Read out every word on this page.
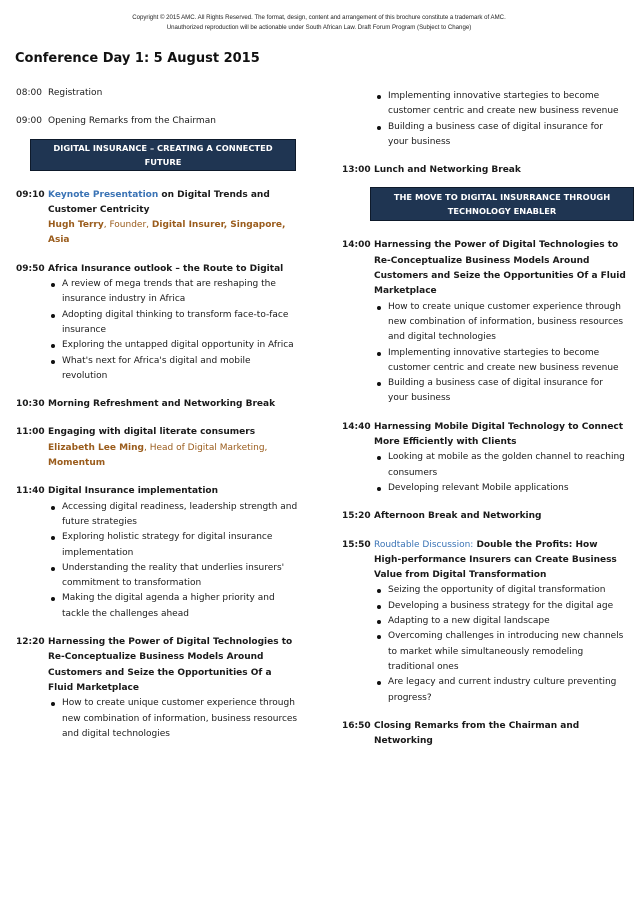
Copyright © 2015 AMC. All Rights Reserved. The format, design, content and arrangement of this brochure constitute a trademark of AMC.
Unauthorized reproduction will be actionable under South African Law. Draft Forum Program (Subject to Change)
Conference Day 1: 5 August 2015
08:00 Registration
09:00 Opening Remarks from the Chairman
DIGITAL INSURANCE – CREATING A CONNECTED FUTURE
09:10 Keynote Presentation on Digital Trends and Customer Centricity
Hugh Terry, Founder, Digital Insurer, Singapore, Asia
09:50 Africa Insurance outlook – the Route to Digital
A review of mega trends that are reshaping the insurance industry in Africa
Adopting digital thinking to transform face-to-face insurance
Exploring the untapped digital opportunity in Africa
What's next for Africa's digital and mobile revolution
10:30 Morning Refreshment and Networking Break
11:00 Engaging with digital literate consumers
Elizabeth Lee Ming, Head of Digital Marketing, Momentum
11:40 Digital Insurance implementation
Accessing digital readiness, leadership strength and future strategies
Exploring holistic strategy for digital insurance implementation
Understanding the reality that underlies insurers' commitment to transformation
Making the digital agenda a higher priority and tackle the challenges ahead
12:20 Harnessing the Power of Digital Technologies to Re-Conceptualize Business Models Around Customers and Seize the Opportunities Of a Fluid Marketplace
How to create unique customer experience through new combination of information, business resources and digital technologies
Implementing innovative startegies to become customer centric and create new business revenue
Building a business case of digital insurance for your business
13:00 Lunch and Networking Break
THE MOVE TO DIGITAL INSURRANCE THROUGH TECHNOLOGY ENABLER
14:00 Harnessing the Power of Digital Technologies to Re-Conceptualize Business Models Around Customers and Seize the Opportunities Of a Fluid Marketplace
How to create unique customer experience through new combination of information, business resources and digital technologies
Implementing innovative startegies to become customer centric and create new business revenue
Building a business case of digital insurance for your business
14:40 Harnessing Mobile Digital Technology to Connect More Efficiently with Clients
Looking at mobile as the golden channel to reaching consumers
Developing relevant Mobile applications
15:20 Afternoon Break and Networking
15:50 Roudtable Discussion: Double the Profits: How High-performance Insurers can Create Business Value from Digital Transformation
Seizing the opportunity of digital transformation
Developing a business strategy for the digital age
Adapting to a new digital landscape
Overcoming challenges in introducing new channels to market while simultaneously remodeling traditional ones
Are legacy and current industry culture preventing progress?
16:50 Closing Remarks from the Chairman and Networking
